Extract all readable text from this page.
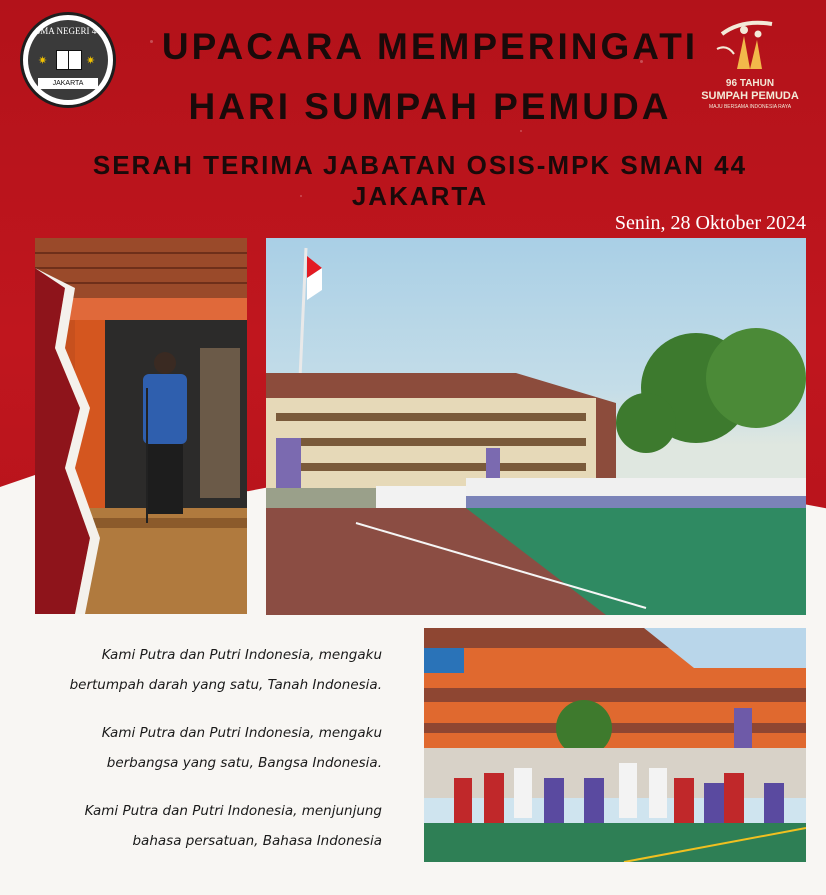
SMA NEGERI 44
✷	✷
JAKARTA
UPACARA MEMPERINGATI
HARI SUMPAH PEMUDA
SERAH TERIMA JABATAN OSIS-MPK SMAN 44 JAKARTA
96 TAHUN
SUMPAH PEMUDA
MAJU BERSAMA INDONESIA RAYA
Senin, 28 Oktober 2024
Kami Putra dan Putri Indonesia, mengaku
bertumpah darah yang satu, Tanah Indonesia.
Kami Putra dan Putri Indonesia, mengaku
berbangsa yang satu, Bangsa Indonesia.
Kami Putra dan Putri Indonesia, menjunjung
bahasa persatuan, Bahasa Indonesia
